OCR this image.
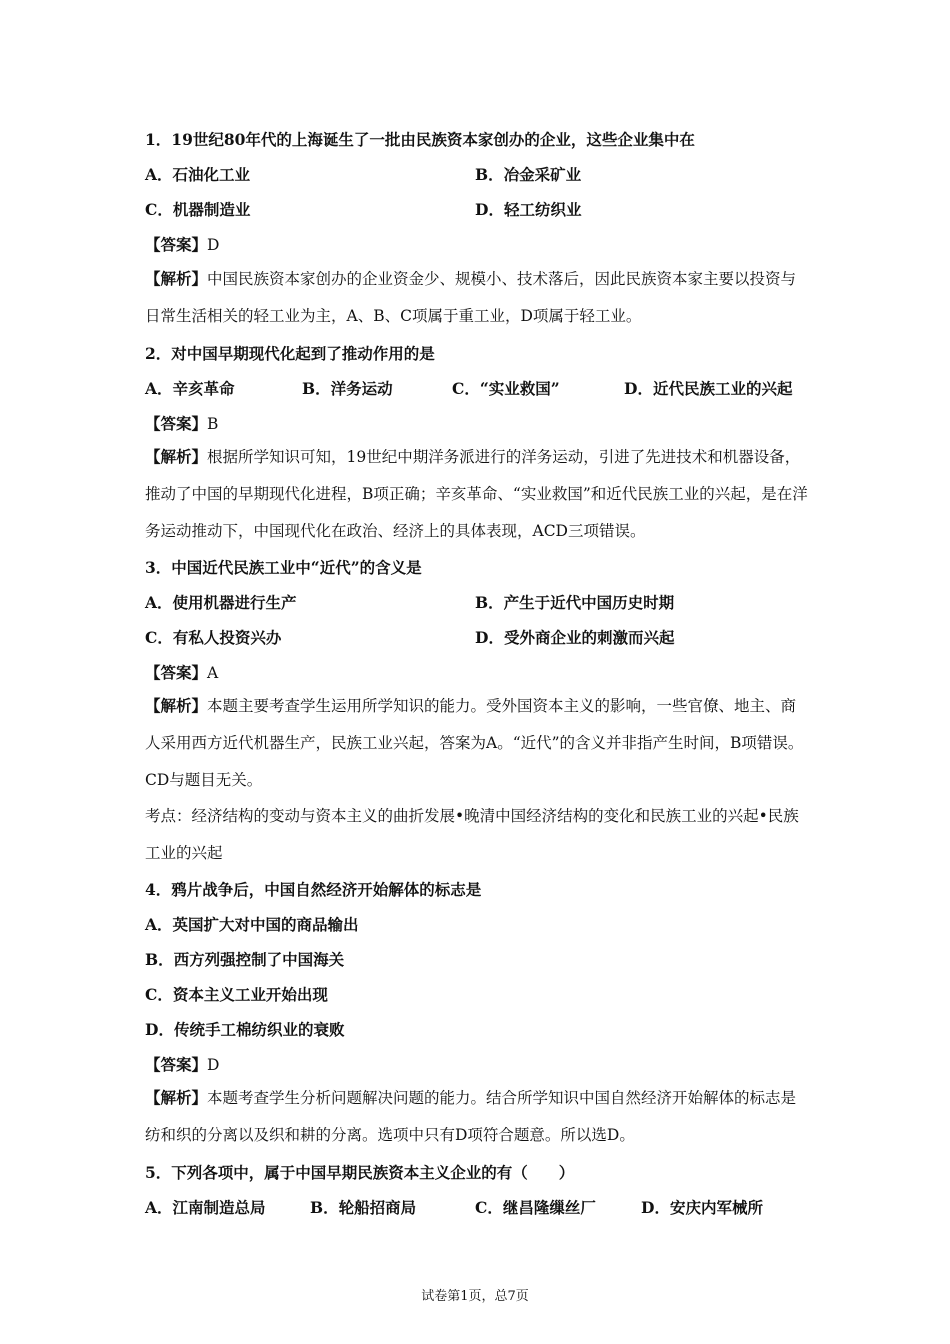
1．19世纪80年代的上海诞生了一批由民族资本家创办的企业，这些企业集中在
A．石油化工业	B．冶金采矿业
C．机器制造业	D．轻工纺织业
【答案】D
【解析】中国民族资本家创办的企业资金少、规模小、技术落后，因此民族资本家主要以投资与日常生活相关的轻工业为主，A、B、C项属于重工业，D项属于轻工业。
2．对中国早期现代化起到了推动作用的是
A．辛亥革命	B．洋务运动	C．“实业救国”	D．近代民族工业的兴起
【答案】B
【解析】根据所学知识可知，19世纪中期洋务派进行的洋务运动，引进了先进技术和机器设备，推动了中国的早期现代化进程，B项正确；辛亥革命、“实业救国”和近代民族工业的兴起，是在洋务运动推动下，中国现代化在政治、经济上的具体表现，ACD三项错误。
3．中国近代民族工业中“近代”的含义是
A．使用机器进行生产	B．产生于近代中国历史时期
C．有私人投资兴办	D．受外商企业的刺激而兴起
【答案】A
【解析】本题主要考查学生运用所学知识的能力。受外国资本主义的影响，一些官僚、地主、商人采用西方近代机器生产，民族工业兴起，答案为A。“近代”的含义并非指产生时间，B项错误。CD与题目无关。
考点：经济结构的变动与资本主义的曲折发展•晚清中国经济结构的变化和民族工业的兴起•民族工业的兴起
4．鸦片战争后，中国自然经济开始解体的标志是
A．英国扩大对中国的商品输出
B．西方列强控制了中国海关
C．资本主义工业开始出现
D．传统手工棉纺织业的衰败
【答案】D
【解析】本题考查学生分析问题解决问题的能力。结合所学知识中国自然经济开始解体的标志是纺和织的分离以及织和耕的分离。选项中只有D项符合题意。所以选D。
5．下列各项中，属于中国早期民族资本主义企业的有（　　）
A．江南制造总局	B．轮船招商局	C．继昌隆缫丝厂	D．安庆内军械所
试卷第1页，总7页
